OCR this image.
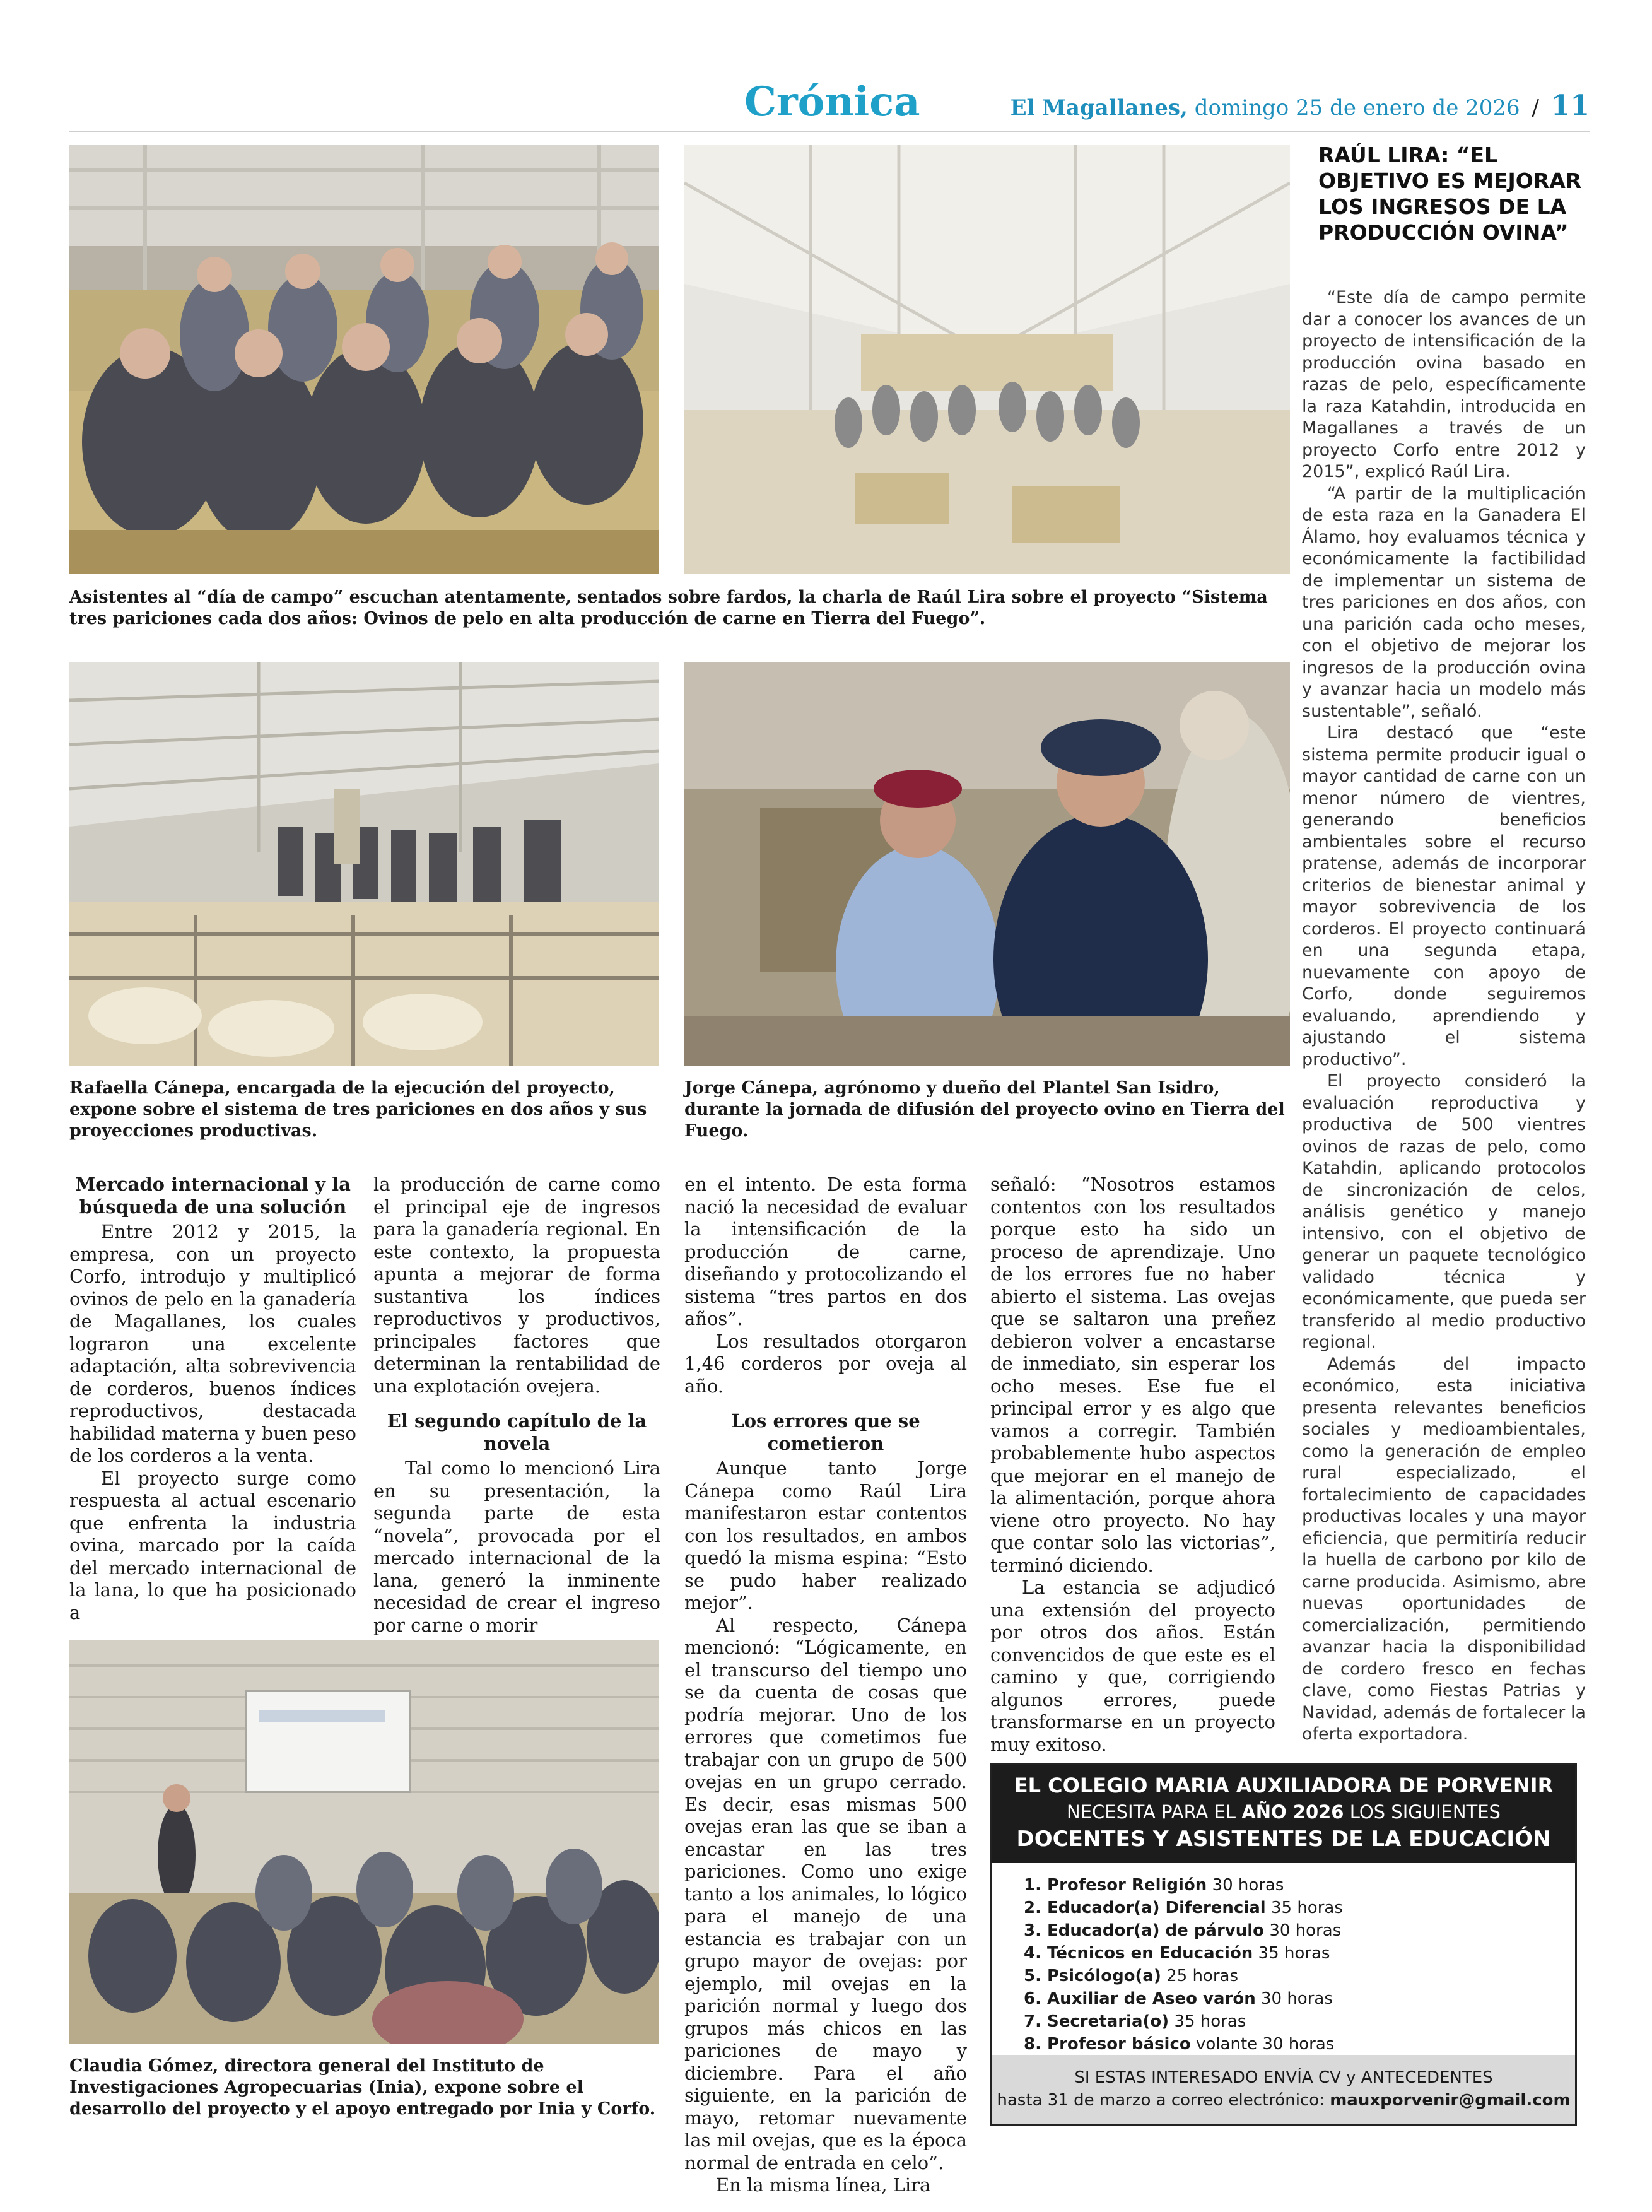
Crónica	El Magallanes, domingo 25 de enero de 2026 / 11
Asistentes al “día de campo” escuchan atentamente, sentados sobre fardos, la charla de Raúl Lira sobre el proyecto “Sistema tres pariciones cada dos años: Ovinos de pelo en alta producción de carne en Tierra del Fuego”.
Rafaella Cánepa, encargada de la ejecución del proyecto, expone sobre el sistema de tres pariciones en dos años y sus proyecciones productivas.
Jorge Cánepa, agrónomo y dueño del Plantel San Isidro, durante la jornada de difusión del proyecto ovino en Tierra del Fuego.
Mercado internacional y la búsqueda de una solución

Entre 2012 y 2015, la empresa, con un proyecto Corfo, introdujo y multiplicó ovinos de pelo en la ganadería de Magallanes, los cuales lograron una excelente adaptación, alta sobrevivencia de corderos, buenos índices reproductivos, destacada habilidad materna y buen peso de los corderos a la venta.

El proyecto surge como respuesta al actual escenario que enfrenta la industria ovina, marcado por la caída del mercado internacional de la lana, lo que ha posicionado a

la producción de carne como el principal eje de ingresos para la ganadería regional. En este contexto, la propuesta apunta a mejorar de forma sustantiva los índices reproductivos y productivos, principales factores que determinan la rentabilidad de una explotación ovejera.

El segundo capítulo de la novela

Tal como lo mencionó Lira en su presentación, la segunda parte de esta “novela”, provocada por el mercado internacional de la lana, generó la inminente necesidad de crear el ingreso por carne o morir

en el intento. De esta forma nació la necesidad de evaluar la intensificación de la producción de carne, diseñando y protocolizando el sistema “tres partos en dos años”.

Los resultados otorgaron 1,46 corderos por oveja al año.

Los errores que se cometieron

Aunque tanto Jorge Cánepa como Raúl Lira manifestaron estar contentos con los resultados, en ambos quedó la misma espina: “Esto se pudo haber realizado mejor”.

Al respecto, Cánepa mencionó: “Lógicamente, en el transcurso del tiempo uno se da cuenta de cosas que podría mejorar. Uno de los errores que cometimos fue trabajar con un grupo de 500 ovejas en un grupo cerrado. Es decir, esas mismas 500 ovejas eran las que se iban a encastar en las tres pariciones. Como uno exige tanto a los animales, lo lógico para el manejo de una estancia es trabajar con un grupo mayor de ovejas: por ejemplo, mil ovejas en la parición normal y luego dos grupos más chicos en las pariciones de mayo y diciembre. Para el año siguiente, en la parición de mayo, retomar nuevamente las mil ovejas, que es la época normal de entrada en celo”.

En la misma línea, Lira

señaló: “Nosotros estamos contentos con los resultados porque esto ha sido un proceso de aprendizaje. Uno de los errores fue no haber abierto el sistema. Las ovejas que se saltaron una preñez debieron volver a encastarse de inmediato, sin esperar los ocho meses. Ese fue el principal error y es algo que vamos a corregir. También probablemente hubo aspectos que mejorar en el manejo de la alimentación, porque ahora viene otro proyecto. No hay que contar solo las victorias”, terminó diciendo.

La estancia se adjudicó una extensión del proyecto por otros dos años. Están convencidos de que este es el camino y que, corrigiendo algunos errores, puede transformarse en un proyecto muy exitoso.

Claudia Gómez, directora general del Instituto de Investigaciones Agropecuarias (Inia), expone sobre el desarrollo del proyecto y el apoyo entregado por Inia y Corfo.
RAÚL LIRA: “EL OBJETIVO ES MEJORAR LOS INGRESOS DE LA PRODUCCIÓN OVINA”

“Este día de campo permite dar a conocer los avances de un proyecto de intensificación de la producción ovina basado en razas de pelo, específicamente la raza Katahdin, introducida en Magallanes a través de un proyecto Corfo entre 2012 y 2015”, explicó Raúl Lira.

“A partir de la multiplicación de esta raza en la Ganadera El Álamo, hoy evaluamos técnica y económicamente la factibilidad de implementar un sistema de tres pariciones en dos años, con una parición cada ocho meses, con el objetivo de mejorar los ingresos de la producción ovina y avanzar hacia un modelo más sustentable”, señaló.

Lira destacó que “este sistema permite producir igual o mayor cantidad de carne con un menor número de vientres, generando beneficios ambientales sobre el recurso pratense, además de incorporar criterios de bienestar animal y mayor sobrevivencia de los corderos. El proyecto continuará en una segunda etapa, nuevamente con apoyo de Corfo, donde seguiremos evaluando, aprendiendo y ajustando el sistema productivo”.

El proyecto consideró la evaluación reproductiva y productiva de 500 vientres ovinos de razas de pelo, como Katahdin, aplicando protocolos de sincronización de celos, análisis genético y manejo intensivo, con el objetivo de generar un paquete tecnológico validado técnica y económicamente, que pueda ser transferido al medio productivo regional.

Además del impacto económico, esta iniciativa presenta relevantes beneficios sociales y medioambientales, como la generación de empleo rural especializado, el fortalecimiento de capacidades productivas locales y una mayor eficiencia, que permitiría reducir la huella de carbono por kilo de carne producida. Asimismo, abre nuevas oportunidades de comercialización, permitiendo avanzar hacia la disponibilidad de cordero fresco en fechas clave, como Fiestas Patrias y Navidad, además de fortalecer la oferta exportadora.

EL COLEGIO MARIA AUXILIADORA DE PORVENIR
NECESITA PARA EL AÑO 2026 LOS SIGUIENTES
DOCENTES Y ASISTENTES DE LA EDUCACIÓN
1. Profesor Religión 30 horas
2. Educador(a) Diferencial 35 horas
3. Educador(a) de párvulo 30 horas
4. Técnicos en Educación 35 horas
5. Psicólogo(a) 25 horas
6. Auxiliar de Aseo varón 30 horas
7. Secretaria(o) 35 horas
8. Profesor básico volante 30 horas
SI ESTAS INTERESADO ENVÍA CV y ANTECEDENTES
hasta 31 de marzo a correo electrónico: mauxporvenir@gmail.com
